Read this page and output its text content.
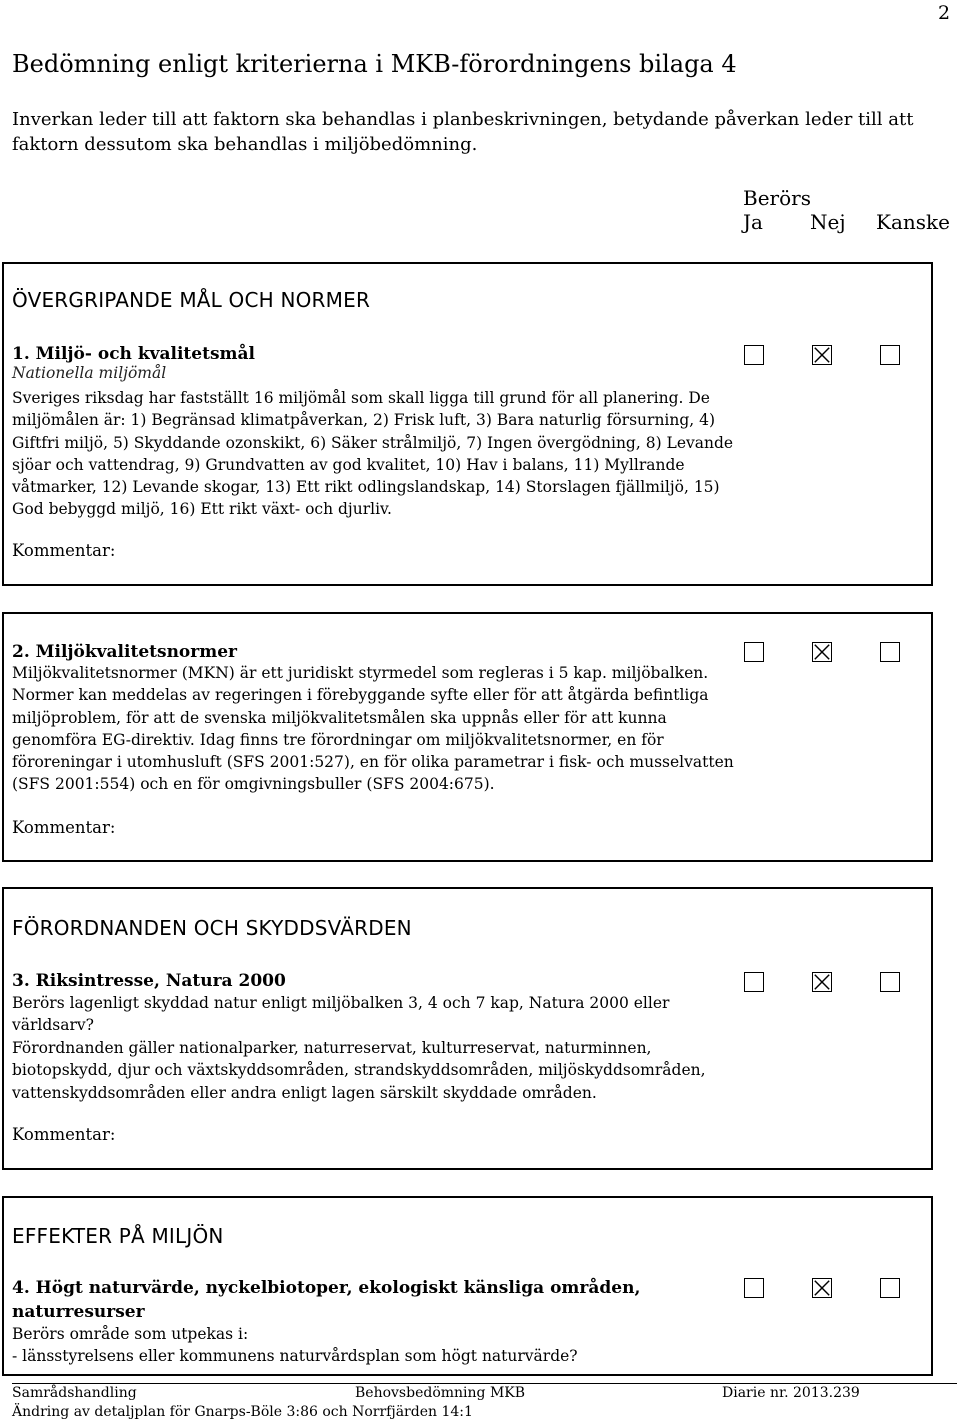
2
Bedömning enligt kriterierna i MKB-förordningens bilaga 4
Inverkan leder till att faktorn ska behandlas i planbeskrivningen, betydande påverkan leder till att faktorn dessutom ska behandlas i miljöbedömning.
Berörs
Ja Nej Kanske
ÖVERGRIPANDE MÅL OCH NORMER
1. Miljö- och kvalitetsmål
Nationella miljömål
Sveriges riksdag har fastställt 16 miljömål som skall ligga till grund för all planering. De miljömålen är: 1) Begränsad klimatpåverkan, 2) Frisk luft, 3) Bara naturlig försurning, 4) Giftfri miljö, 5) Skyddande ozonskikt, 6) Säker strålmiljö, 7) Ingen övergödning, 8) Levande sjöar och vattendrag, 9) Grundvatten av god kvalitet, 10) Hav i balans, 11) Myllrande våtmarker, 12) Levande skogar, 13) Ett rikt odlingslandskap, 14) Storslagen fjällmiljö, 15) God bebyggd miljö, 16) Ett rikt växt- och djurliv.
Kommentar:
2. Miljökvalitetsnormer
Miljökvalitetsnormer (MKN) är ett juridiskt styrmedel som regleras i 5 kap. miljöbalken. Normer kan meddelas av regeringen i förebyggande syfte eller för att åtgärda befintliga miljöproblem, för att de svenska miljökvalitetsmålen ska uppnås eller för att kunna genomföra EG-direktiv. Idag finns tre förordningar om miljökvalitetsnormer, en för föroreningar i utomhusluft (SFS 2001:527), en för olika parametrar i fisk- och musselvatten (SFS 2001:554) och en för omgivningsbuller (SFS 2004:675).
Kommentar:
FÖRORDNANDEN OCH SKYDDSVÄRDEN
3. Riksintresse, Natura 2000
Berörs lagenligt skyddad natur enligt miljöbalken 3, 4 och 7 kap, Natura 2000 eller världsarv?
Förordnanden gäller nationalparker, naturreservat, kulturreservat, naturminnen, biotopskydd, djur och växtskyddsområden, strandskyddsområden, miljöskyddsområden, vattenskyddsområden eller andra enligt lagen särskilt skyddade områden.
Kommentar:
EFFEKTER PÅ MILJÖN
4. Högt naturvärde, nyckelbiotoper, ekologiskt känsliga områden, naturresurser
Berörs område som utpekas i:
- länsstyrelsens eller kommunens naturvårdsplan som högt naturvärde?
Samrådshandling	Behovsbedömning MKB	Diarie nr. 2013.239
Ändring av detaljplan för Gnarps-Böle 3:86 och Norrfjärden 14:1
